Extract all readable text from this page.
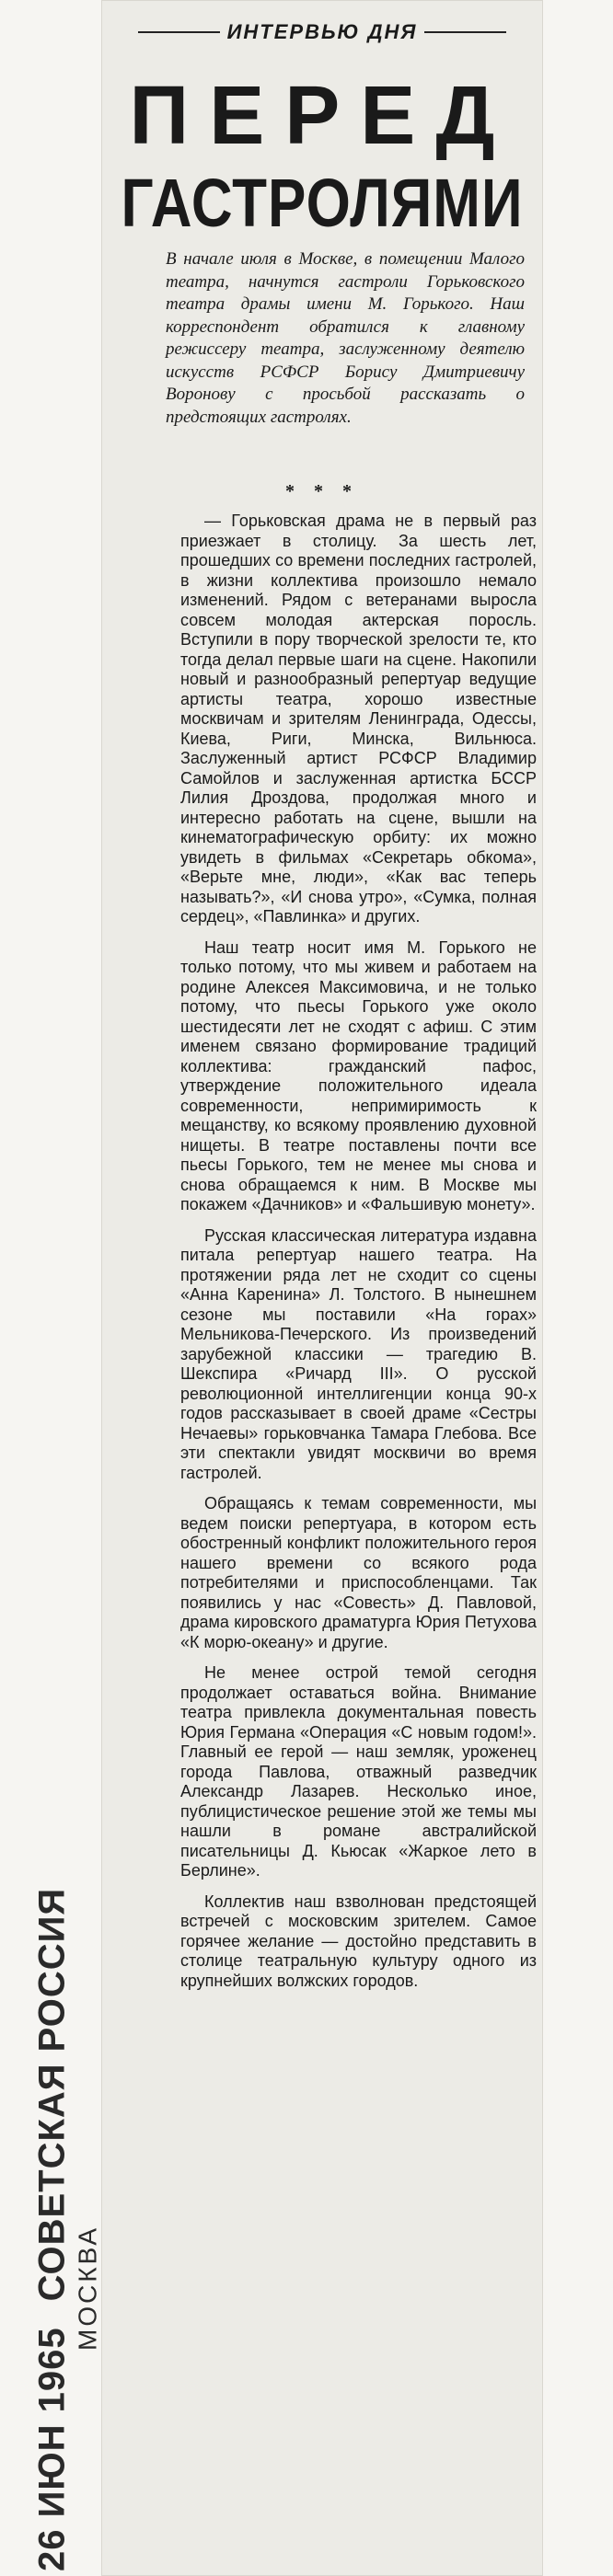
ИНТЕРВЬЮ ДНЯ
ПЕРЕД
ГАСТРОЛЯМИ
В начале июля в Москве, в помещении Малого театра, начнутся гастроли Горьковского театра драмы имени М. Горького. Наш корреспондент обратился к главному режиссеру театра, заслуженному деятелю искусств РСФСР Борису Дмитриевичу Воронову с просьбой рассказать о предстоящих гастролях.
* * *

— Горьковская драма не в первый раз приезжает в столицу. За шесть лет, прошедших со времени последних гастролей, в жизни коллектива произошло немало изменений. Рядом с ветеранами выросла совсем молодая актерская поросль. Вступили в пору творческой зрелости те, кто тогда делал первые шаги на сцене. Накопили новый и разнообразный репертуар ведущие артисты театра, хорошо известные москвичам и зрителям Ленинграда, Одессы, Киева, Риги, Минска, Вильнюса. Заслуженный артист РСФСР Владимир Самойлов и заслуженная артистка БССР Лилия Дроздова, продолжая много и интересно работать на сцене, вышли на кинематографическую орбиту: их можно увидеть в фильмах «Секретарь обкома», «Верьте мне, люди», «Как вас теперь называть?», «И снова утро», «Сумка, полная сердец», «Павлинка» и других.

Наш театр носит имя М. Горького не только потому, что мы живем и работаем на родине Алексея Максимовича, и не только потому, что пьесы Горького уже около шестидесяти лет не сходят с афиш. С этим именем связано формирование традиций коллектива: гражданский пафос, утверждение положительного идеала современности, непримиримость к мещанству, ко всякому проявлению духовной нищеты. В театре поставлены почти все пьесы Горького, тем не менее мы снова и снова обращаемся к ним. В Москве мы покажем «Дачников» и «Фальшивую монету».

Русская классическая литература издавна питала репертуар нашего театра. На протяжении ряда лет не сходит со сцены «Анна Каренина» Л. Толстого. В нынешнем сезоне мы поставили «На горах» Мельникова-Печерского. Из произведений зарубежной классики — трагедию В. Шекспира «Ричард III». О русской революционной интеллигенции конца 90-х годов рассказывает в своей драме «Сестры Нечаевы» горьковчанка Тамара Глебова. Все эти спектакли увидят москвичи во время гастролей.

Обращаясь к темам современности, мы ведем поиски репертуара, в котором есть обостренный конфликт положительного героя нашего времени со всякого рода потребителями и приспособленцами. Так появились у нас «Совесть» Д. Павловой, драма кировского драматурга Юрия Петухова «К морю-океану» и другие.

Не менее острой темой сегодня продолжает оставаться война. Внимание театра привлекла документальная повесть Юрия Германа «Операция «С новым годом!». Главный ее герой — наш земляк, уроженец города Павлова, отважный разведчик Александр Лазарев. Несколько иное, публицистическое решение этой же темы мы нашли в романе австралийской писательницы Д. Кьюсак «Жаркое лето в Берлине».

Коллектив наш взволнован предстоящей встречей с московским зрителем. Самое горячее желание — достойно представить в столице театральную культуру одного из крупнейших волжских городов.

26 ИЮН 1965СОВЕТСКАЯ РОССИЯ МОСКВА
